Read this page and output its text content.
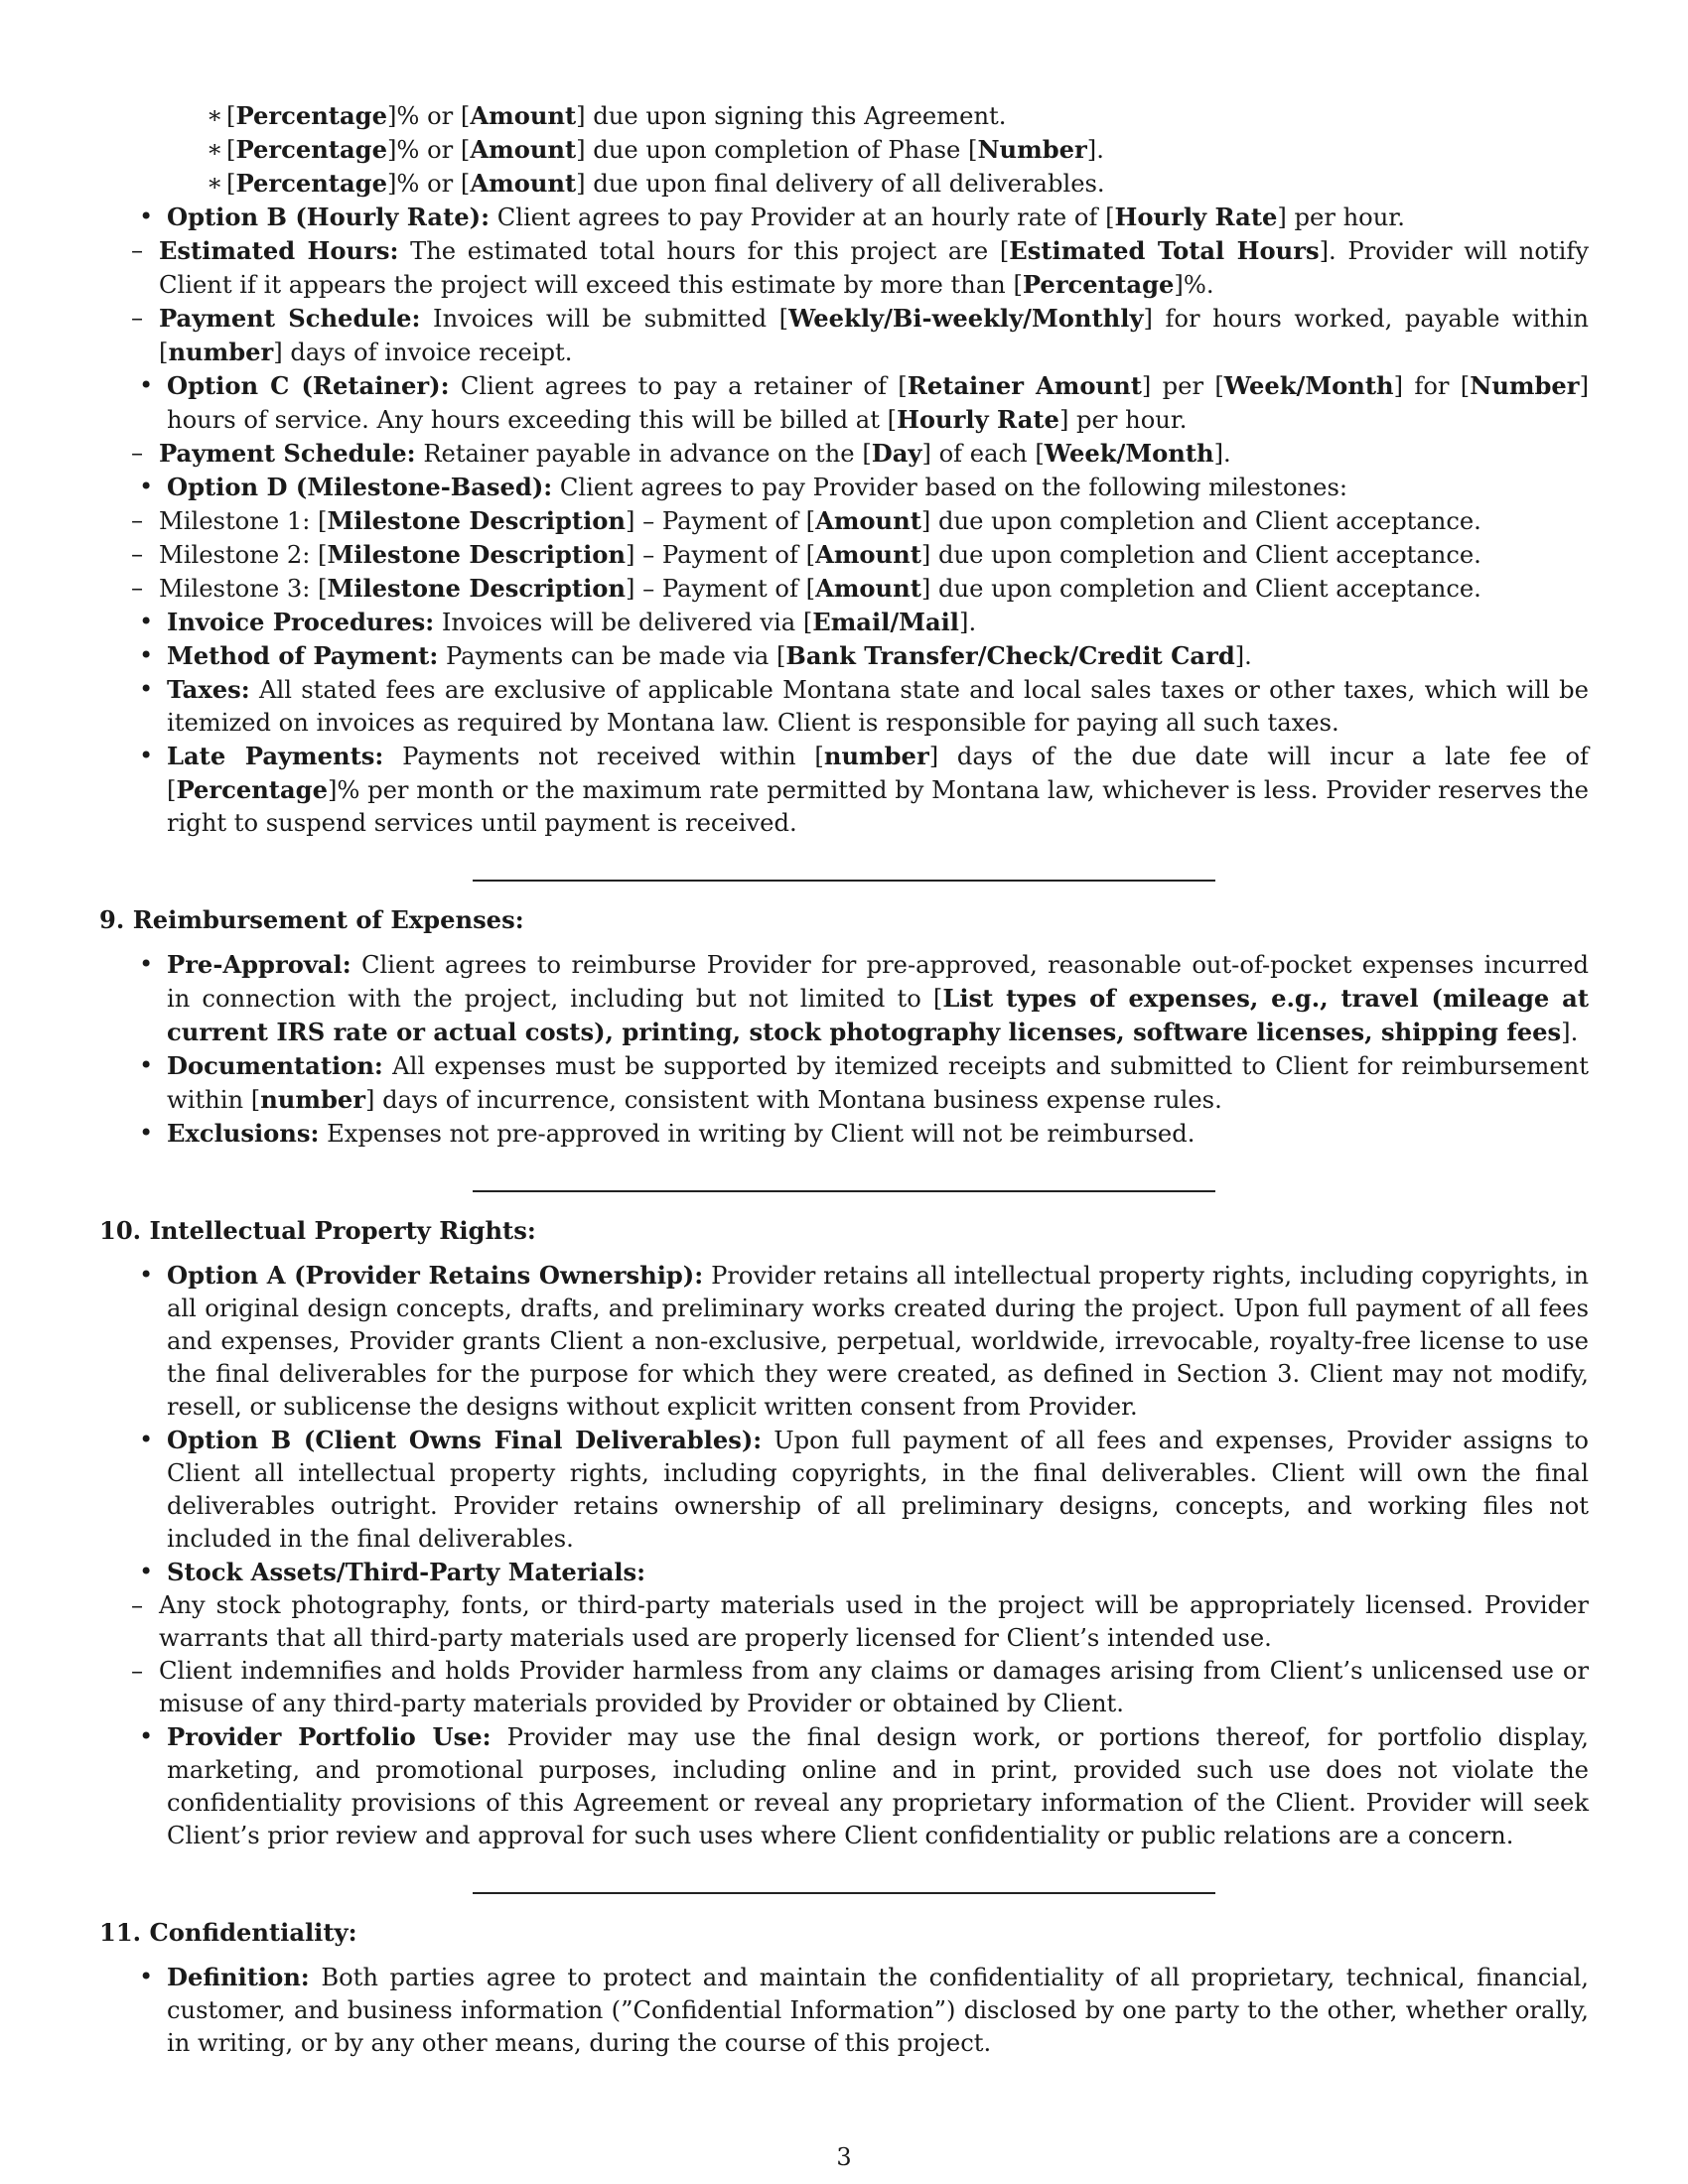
∗ [Percentage]% or [Amount] due upon signing this Agreement.
∗ [Percentage]% or [Amount] due upon completion of Phase [Number].
∗ [Percentage]% or [Amount] due upon final delivery of all deliverables.
• Option B (Hourly Rate): Client agrees to pay Provider at an hourly rate of [Hourly Rate] per hour.
– Estimated Hours: The estimated total hours for this project are [Estimated Total Hours]. Provider will notify Client if it appears the project will exceed this estimate by more than [Percentage]%.
– Payment Schedule: Invoices will be submitted [Weekly/Bi-weekly/Monthly] for hours worked, payable within [number] days of invoice receipt.
• Option C (Retainer): Client agrees to pay a retainer of [Retainer Amount] per [Week/Month] for [Number] hours of service. Any hours exceeding this will be billed at [Hourly Rate] per hour.
– Payment Schedule: Retainer payable in advance on the [Day] of each [Week/Month].
• Option D (Milestone-Based): Client agrees to pay Provider based on the following milestones:
– Milestone 1: [Milestone Description] – Payment of [Amount] due upon completion and Client acceptance.
– Milestone 2: [Milestone Description] – Payment of [Amount] due upon completion and Client acceptance.
– Milestone 3: [Milestone Description] – Payment of [Amount] due upon completion and Client acceptance.
• Invoice Procedures: Invoices will be delivered via [Email/Mail].
• Method of Payment: Payments can be made via [Bank Transfer/Check/Credit Card].
• Taxes: All stated fees are exclusive of applicable Montana state and local sales taxes or other taxes, which will be itemized on invoices as required by Montana law. Client is responsible for paying all such taxes.
• Late Payments: Payments not received within [number] days of the due date will incur a late fee of [Percentage]% per month or the maximum rate permitted by Montana law, whichever is less. Provider reserves the right to suspend services until payment is received.
9. Reimbursement of Expenses:
• Pre-Approval: Client agrees to reimburse Provider for pre-approved, reasonable out-of-pocket expenses incurred in connection with the project, including but not limited to [List types of expenses, e.g., travel (mileage at current IRS rate or actual costs), printing, stock photography licenses, software licenses, shipping fees].
• Documentation: All expenses must be supported by itemized receipts and submitted to Client for reimbursement within [number] days of incurrence, consistent with Montana business expense rules.
• Exclusions: Expenses not pre-approved in writing by Client will not be reimbursed.
10. Intellectual Property Rights:
• Option A (Provider Retains Ownership): Provider retains all intellectual property rights, including copyrights, in all original design concepts, drafts, and preliminary works created during the project. Upon full payment of all fees and expenses, Provider grants Client a non-exclusive, perpetual, worldwide, irrevocable, royalty-free license to use the final deliverables for the purpose for which they were created, as defined in Section 3. Client may not modify, resell, or sublicense the designs without explicit written consent from Provider.
• Option B (Client Owns Final Deliverables): Upon full payment of all fees and expenses, Provider assigns to Client all intellectual property rights, including copyrights, in the final deliverables. Client will own the final deliverables outright. Provider retains ownership of all preliminary designs, concepts, and working files not included in the final deliverables.
• Stock Assets/Third-Party Materials:
– Any stock photography, fonts, or third-party materials used in the project will be appropriately licensed. Provider warrants that all third-party materials used are properly licensed for Client’s intended use.
– Client indemnifies and holds Provider harmless from any claims or damages arising from Client’s unlicensed use or misuse of any third-party materials provided by Provider or obtained by Client.
• Provider Portfolio Use: Provider may use the final design work, or portions thereof, for portfolio display, marketing, and promotional purposes, including online and in print, provided such use does not violate the confidentiality provisions of this Agreement or reveal any proprietary information of the Client. Provider will seek Client’s prior review and approval for such uses where Client confidentiality or public relations are a concern.
11. Confidentiality:
• Definition: Both parties agree to protect and maintain the confidentiality of all proprietary, technical, financial, customer, and business information (”Confidential Information”) disclosed by one party to the other, whether orally, in writing, or by any other means, during the course of this project.
3
